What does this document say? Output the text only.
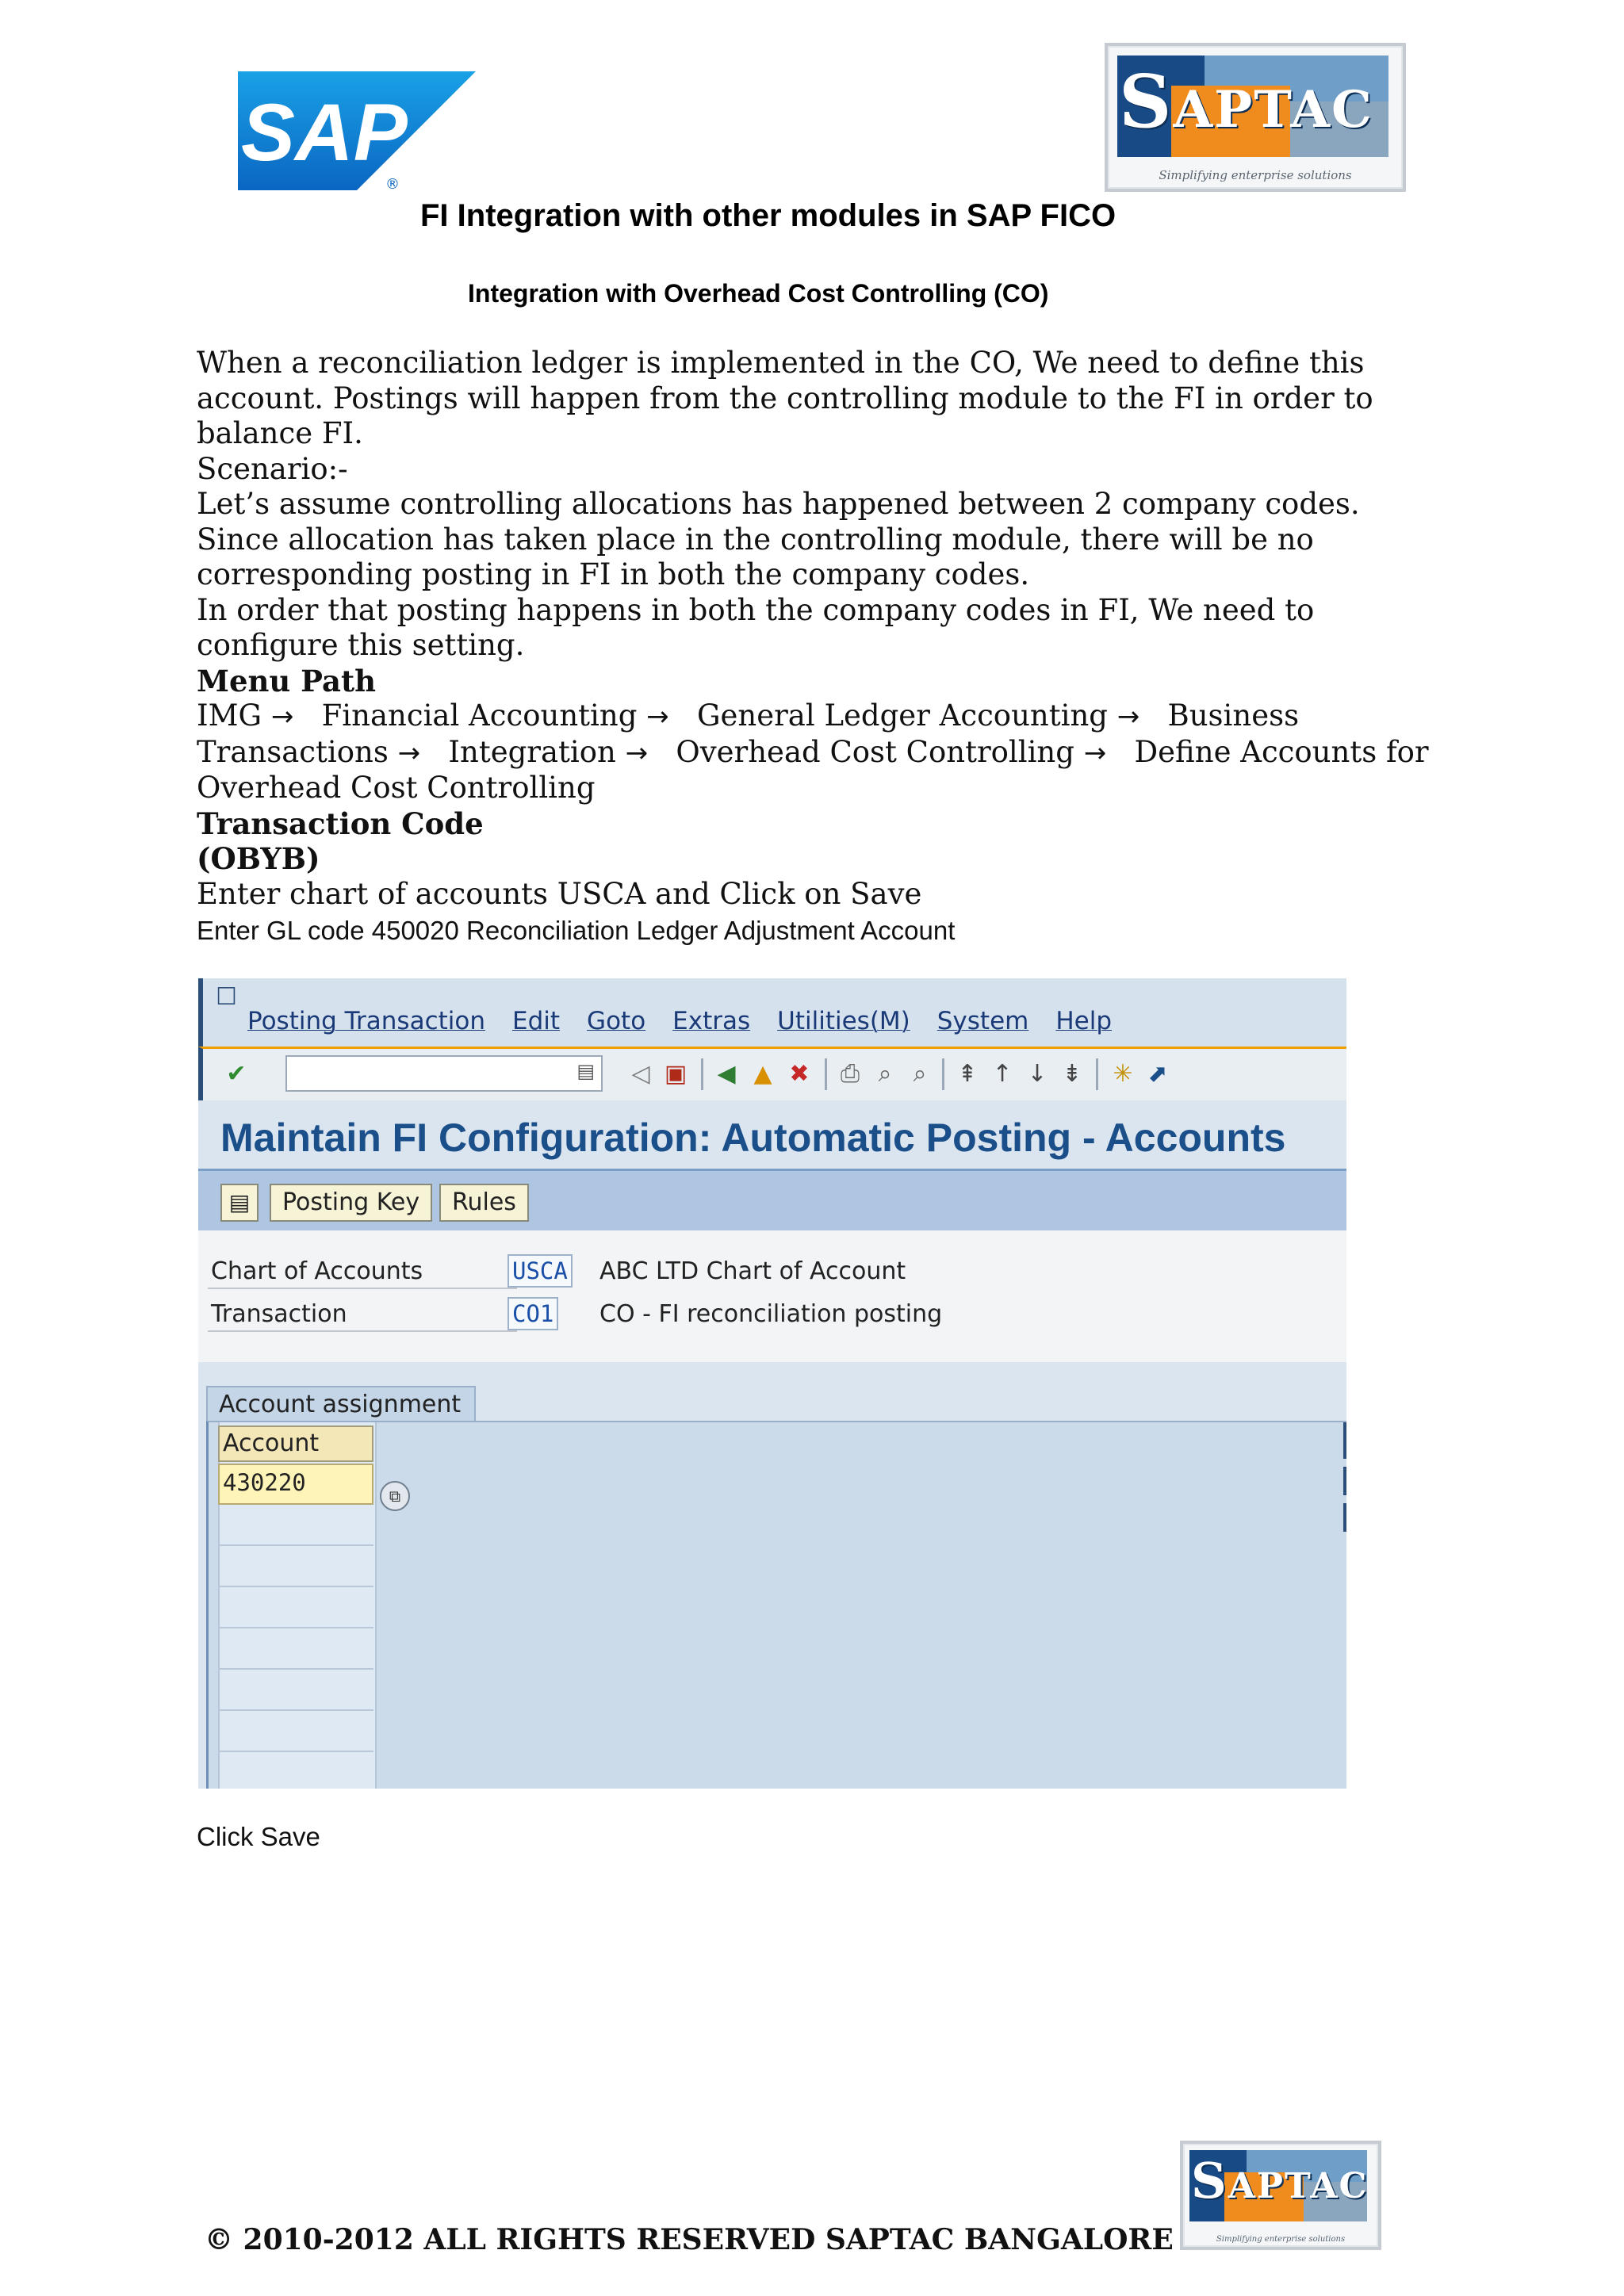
SAP
®
SAPTAC
Simplifying enterprise solutions
FI Integration with other modules in SAP FICO
Integration with Overhead Cost Controlling (CO)

When a reconciliation ledger is implemented in the CO, We need to define this account. Postings will happen from the controlling module to the FI in order to balance FI.

Scenario:-

Let’s assume controlling allocations has happened between 2 company codes. Since allocation has taken place in the controlling module, there will be no corresponding posting in FI in both the company codes.

In order that posting happens in both the company codes in FI, We need to configure this setting.

Menu Path

IMG → Financial Accounting → General Ledger Accounting → Business Transactions → Integration → Overhead Cost Controlling → Define Accounts for Overhead Cost Controlling

Transaction Code

(OBYB)

Enter chart of accounts USCA and Click on Save

Enter GL code 450020 Reconciliation Ledger Adjustment Account

☐
Posting Transaction Edit Goto Extras Utilities(M) System Help
✔	▤ ◁ ▣ ◀ ▲ ✖ ⎙ ⌕ ⌕	⇞ ↑ ↓ ⇟ ✳ ⬈
Maintain FI Configuration: Automatic Posting - Accounts
▤	Posting Key	Rules
Chart of Accounts	USCA ABC LTD Chart of Account
Transaction	CO1 CO - FI reconciliation posting
Account assignment
Account
430220	⧉
Click Save
SAPTAC
Simplifying enterprise solutions
© 2010-2012 ALL RIGHTS RESERVED SAPTAC BANGALORE
